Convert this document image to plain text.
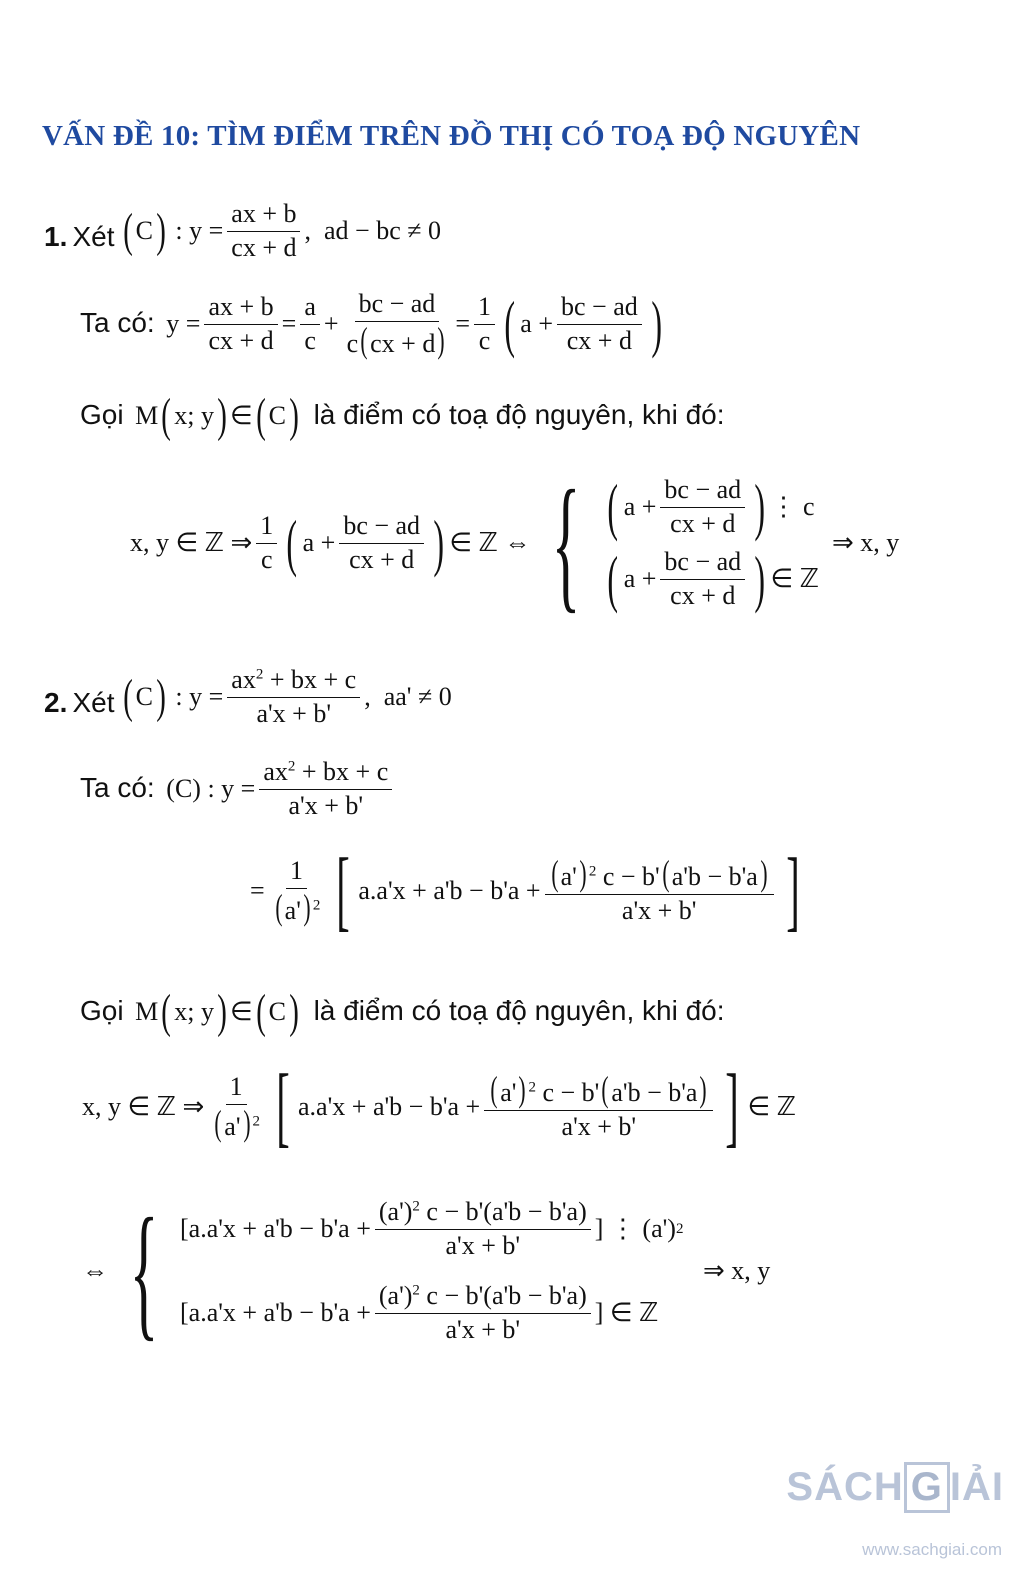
VẤN ĐỀ 10: TÌM ĐIỂM TRÊN ĐỒ THỊ CÓ TOẠ ĐỘ NGUYÊN
1. Xét ( C ) : $y = \frac{ax + b}{cx + d}$ ,  ad − bc ≠ 0
Ta có:  $y = \frac{ax + b}{cx + d} = \frac{a}{c} + \frac{bc - ad}{c(cx + d)} = \frac{1}{c}$ ( $a + \frac{bc - ad}{cx + d}$ )
Gọi  M ( x; y ) ∈ ( C ) là điểm có toạ độ nguyên, khi đó:
x, y ∈ ℤ ⇒ $\frac{1}{c}$ ( $a + \frac{bc - ad}{cx + d}$ ) ∈ ℤ ⇔ { ( $a + \frac{bc - ad}{cx + d}$ ) ⋮ c
( $a + \frac{bc - ad}{cx + d}$ ) ∈ ℤ
⇒ x, y
2. Xét ( C ) : $y = \frac{ax^2 + bx + c}{a'x + b'}$ ,  aa' ≠ 0
Ta có:  (C) : $y = \frac{ax^2 + bx + c}{a'x + b'}$
= $\frac{1}{(a') ^2}$ [ $a.a'x + a'b - b'a + \frac{(a') ^2 c - b'(a'b - b'a)}{a'x + b'}$ ]
Gọi  M ( x; y ) ∈ ( C ) là điểm có toạ độ nguyên, khi đó:
x, y ∈ ℤ ⇒ $\frac{1}{(a') ^2}$ [ $a.a'x + a'b - b'a + \frac{(a') ^2 c - b'(a'b - b'a)}{a'x + b'}$ ] ∈ ℤ
⇔ { [$a.a'x + a'b - b'a + \frac{(a')^2 c - b'(a'b - b'a)}{a'x + b'}$ ] ⋮ (a') 2
[$a.a'x + a'b - b'a + \frac{(a')^2 c - b'(a'b - b'a)}{a'x + b'}$ ] ∈ ℤ
⇒ x, y
SÁCH G IẢI
www.sachgiai.com
